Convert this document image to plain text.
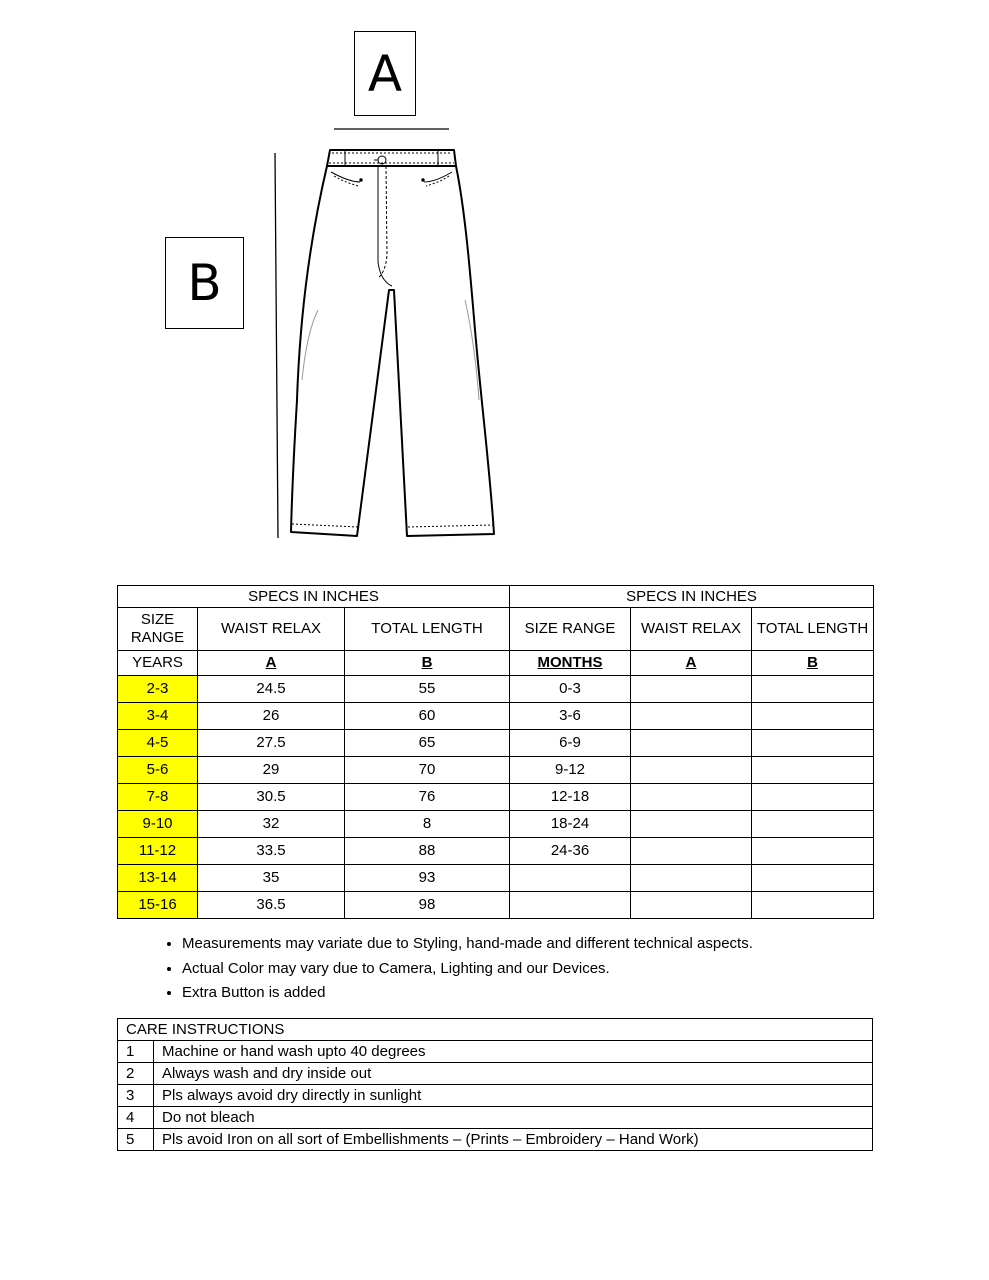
A
B
SPECS IN INCHES			SPECS IN INCHES		
SIZE RANGE	WAIST RELAX	TOTAL LENGTH	SIZE RANGE	WAIST RELAX	TOTAL LENGTH
YEARS	A	B	MONTHS	A	B
2-3	24.5	55	0-3		
3-4	26	60	3-6		
4-5	27.5	65	6-9		
5-6	29	70	9-12		
7-8	30.5	76	12-18		
9-10	32	8	18-24		
11-12	33.5	88	24-36		
13-14	35	93			
15-16	36.5	98			
• Measurements may variate due to Styling, hand-made and different technical aspects.
• Actual Color may vary due to Camera, Lighting and our Devices.
• Extra Button is added
CARE INSTRUCTIONS	
1	Machine or hand wash upto 40 degrees
2	Always wash and dry inside out
3	Pls always avoid dry directly in sunlight
4	Do not bleach
5	Pls avoid Iron on all sort of Embellishments – (Prints – Embroidery – Hand Work)
